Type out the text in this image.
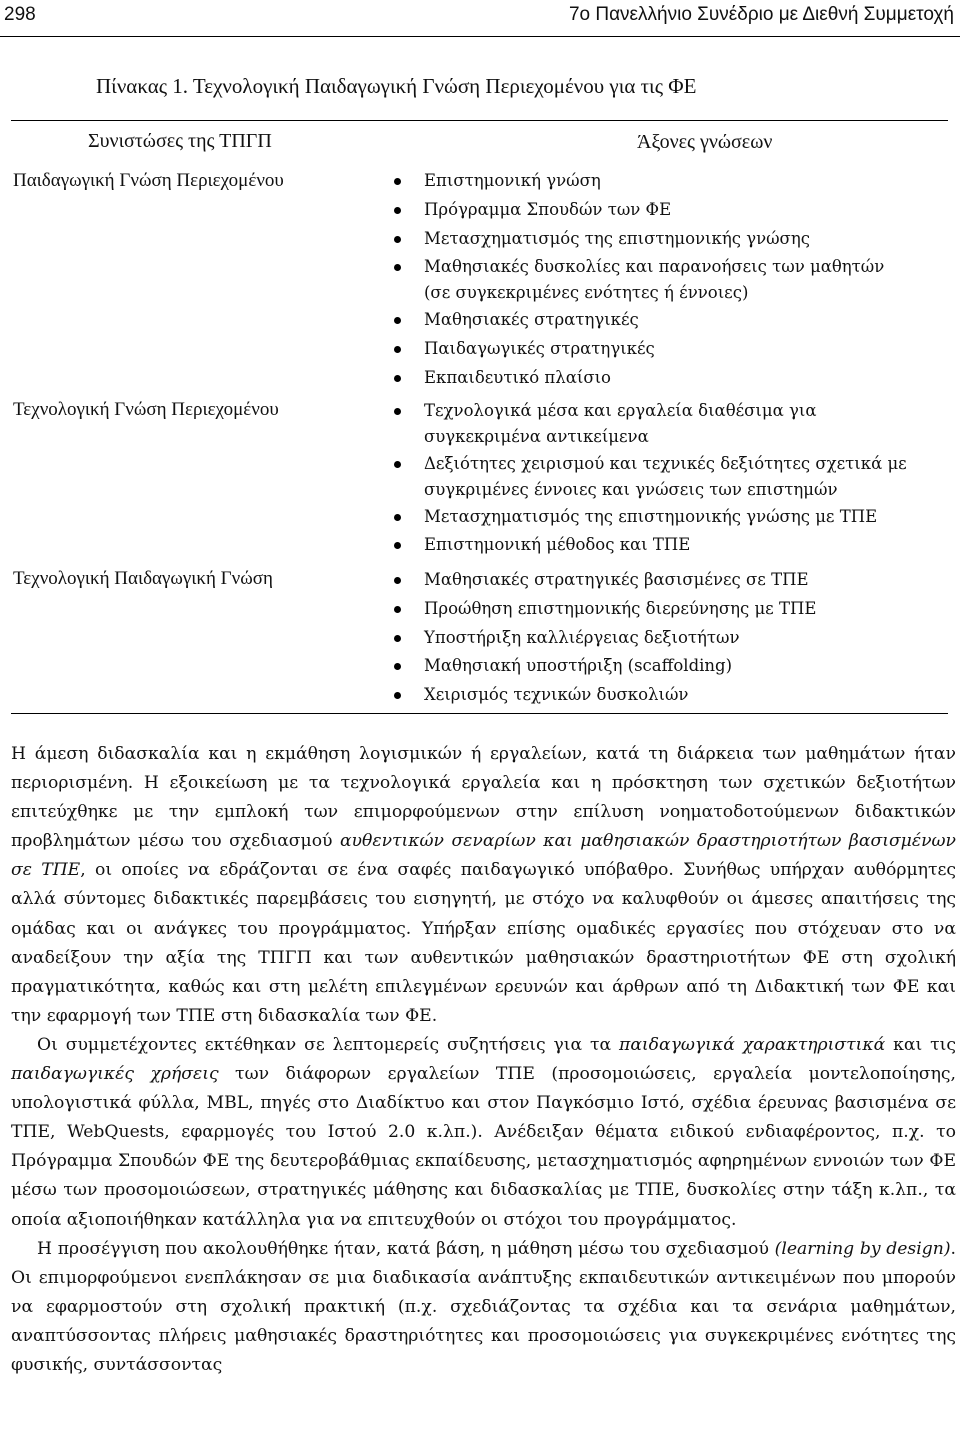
298	7ο Πανελλήνιο Συνέδριο με Διεθνή Συμμετοχή
Πίνακας 1. Τεχνολογική Παιδαγωγική Γνώση Περιεχομένου για τις ΦΕ
Συνιστώσες της ΤΠΓΠ	Άξονες γνώσεων
Παιδαγωγική Γνώση Περιεχομένου	Επιστημονική γνώση
Πρόγραμμα Σπουδών των ΦΕ
Μετασχηματισμός της επιστημονικής γνώσης
Μαθησιακές δυσκολίες και παρανοήσεις των μαθητών
(σε συγκεκριμένες ενότητες ή έννοιες)
Μαθησιακές στρατηγικές
Παιδαγωγικές στρατηγικές
Εκπαιδευτικό πλαίσιο
Τεχνολογική Γνώση Περιεχομένου	Τεχνολογικά μέσα και εργαλεία διαθέσιμα για
συγκεκριμένα αντικείμενα
Δεξιότητες χειρισμού και τεχνικές δεξιότητες σχετικά με
συγκριμένες έννοιες και γνώσεις των επιστημών
Μετασχηματισμός της επιστημονικής γνώσης με ΤΠΕ
Επιστημονική μέθοδος και ΤΠΕ
Τεχνολογική Παιδαγωγική Γνώση	Μαθησιακές στρατηγικές βασισμένες σε ΤΠΕ
Προώθηση επιστημονικής διερεύνησης με ΤΠΕ
Υποστήριξη καλλιέργειας δεξιοτήτων
Μαθησιακή υποστήριξη (scaffolding)
Χειρισμός τεχνικών δυσκολιών

Η άμεση διδασκαλία και η εκμάθηση λογισμικών ή εργαλείων, κατά τη διάρκεια των μαθημάτων ήταν περιορισμένη. Η εξοικείωση με τα τεχνολογικά εργαλεία και η πρόσκτηση των σχετικών δεξιοτήτων επιτεύχθηκε με την εμπλοκή των επιμορφούμενων στην επίλυση νοηματοδοτούμενων διδακτικών προβλημάτων μέσω του σχεδιασμού αυθεντικών σεναρίων και μαθησιακών δραστηριοτήτων βασισμένων σε ΤΠΕ, οι οποίες να εδράζονται σε ένα σαφές παιδαγωγικό υπόβαθρο. Συνήθως υπήρχαν αυθόρμητες αλλά σύντομες διδακτικές παρεμβάσεις του εισηγητή, με στόχο να καλυφθούν οι άμεσες απαιτήσεις της ομάδας και οι ανάγκες του προγράμματος. Υπήρξαν επίσης ομαδικές εργασίες που στόχευαν στο να αναδείξουν την αξία της ΤΠΓΠ και των αυθεντικών μαθησιακών δραστηριοτήτων ΦΕ στη σχολική πραγματικότητα, καθώς και στη μελέτη επιλεγμένων ερευνών και άρθρων από τη Διδακτική των ΦΕ και την εφαρμογή των ΤΠΕ στη διδασκαλία των ΦΕ.

Οι συμμετέχοντες εκτέθηκαν σε λεπτομερείς συζητήσεις για τα παιδαγωγικά χαρακτηριστικά και τις παιδαγωγικές χρήσεις των διάφορων εργαλείων ΤΠΕ (προσομοιώσεις, εργαλεία μοντελοποίησης, υπολογιστικά φύλλα, MBL, πηγές στο Διαδίκτυο και στον Παγκόσμιο Ιστό, σχέδια έρευνας βασισμένα σε ΤΠΕ, WebQuests, εφαρμογές του Ιστού 2.0 κ.λπ.). Ανέδειξαν θέματα ειδικού ενδιαφέροντος, π.χ. το Πρόγραμμα Σπουδών ΦΕ της δευτεροβάθμιας εκπαίδευσης, μετασχηματισμός αφηρημένων εννοιών των ΦΕ μέσω των προσομοιώσεων, στρατηγικές μάθησης και διδασκαλίας με ΤΠΕ, δυσκολίες στην τάξη κ.λπ., τα οποία αξιοποιήθηκαν κατάλληλα για να επιτευχθούν οι στόχοι του προγράμματος.

Η προσέγγιση που ακολουθήθηκε ήταν, κατά βάση, η μάθηση μέσω του σχεδιασμού (learning by design). Οι επιμορφούμενοι ενεπλάκησαν σε μια διαδικασία ανάπτυξης εκπαιδευτικών αντικειμένων που μπορούν να εφαρμοστούν στη σχολική πρακτική (π.χ. σχεδιάζοντας τα σχέδια και τα σενάρια μαθημάτων, αναπτύσσοντας πλήρεις μαθησιακές δραστηριότητες και προσομοιώσεις για συγκεκριμένες ενότητες της φυσικής, συντάσσοντας
